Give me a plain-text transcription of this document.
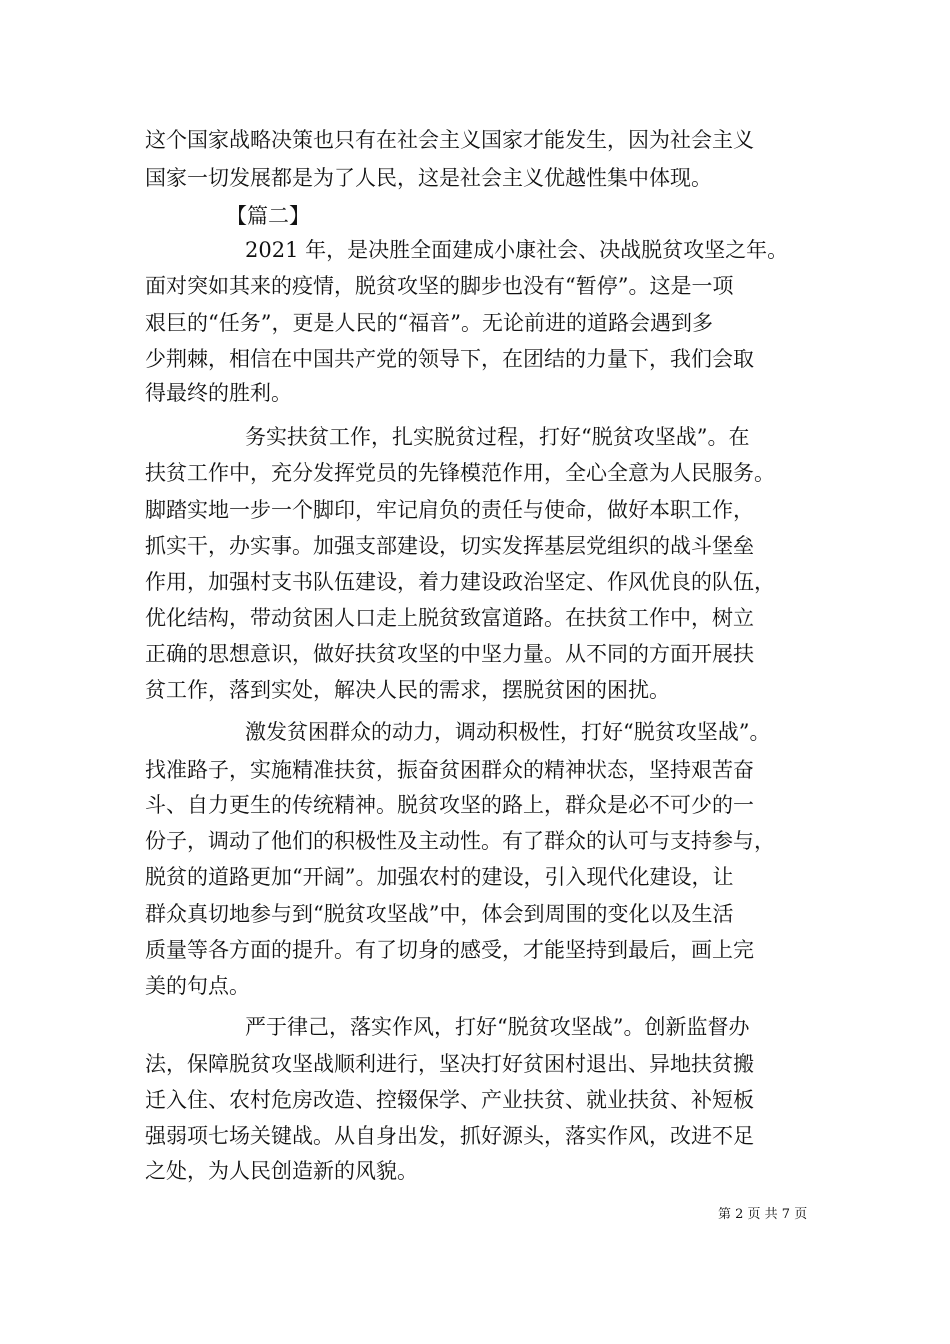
这个国家战略决策也只有在社会主义国家才能发生，因为社会主义
国家一切发展都是为了人民，这是社会主义优越性集中体现。
【篇二】
2021 年，是决胜全面建成小康社会、决战脱贫攻坚之年。
面对突如其来的疫情，脱贫攻坚的脚步也没有“暂停”。这是一项
艰巨的“任务”，更是人民的“福音”。无论前进的道路会遇到多
少荆棘，相信在中国共产党的领导下，在团结的力量下，我们会取
得最终的胜利。
务实扶贫工作，扎实脱贫过程，打好“脱贫攻坚战”。在
扶贫工作中，充分发挥党员的先锋模范作用，全心全意为人民服务。
脚踏实地一步一个脚印，牢记肩负的责任与使命，做好本职工作，
抓实干，办实事。加强支部建设，切实发挥基层党组织的战斗堡垒
作用，加强村支书队伍建设，着力建设政治坚定、作风优良的队伍，
优化结构，带动贫困人口走上脱贫致富道路。在扶贫工作中，树立
正确的思想意识，做好扶贫攻坚的中坚力量。从不同的方面开展扶
贫工作，落到实处，解决人民的需求，摆脱贫困的困扰。
激发贫困群众的动力，调动积极性，打好“脱贫攻坚战”。
找准路子，实施精准扶贫，振奋贫困群众的精神状态，坚持艰苦奋
斗、自力更生的传统精神。脱贫攻坚的路上，群众是必不可少的一
份子，调动了他们的积极性及主动性。有了群众的认可与支持参与，
脱贫的道路更加“开阔”。加强农村的建设，引入现代化建设，让
群众真切地参与到“脱贫攻坚战”中，体会到周围的变化以及生活
质量等各方面的提升。有了切身的感受，才能坚持到最后，画上完
美的句点。
严于律己，落实作风，打好“脱贫攻坚战”。创新监督办
法，保障脱贫攻坚战顺利进行，坚决打好贫困村退出、异地扶贫搬
迁入住、农村危房改造、控辍保学、产业扶贫、就业扶贫、补短板
强弱项七场关键战。从自身出发，抓好源头，落实作风，改进不足
之处，为人民创造新的风貌。
第 2 页 共 7 页
